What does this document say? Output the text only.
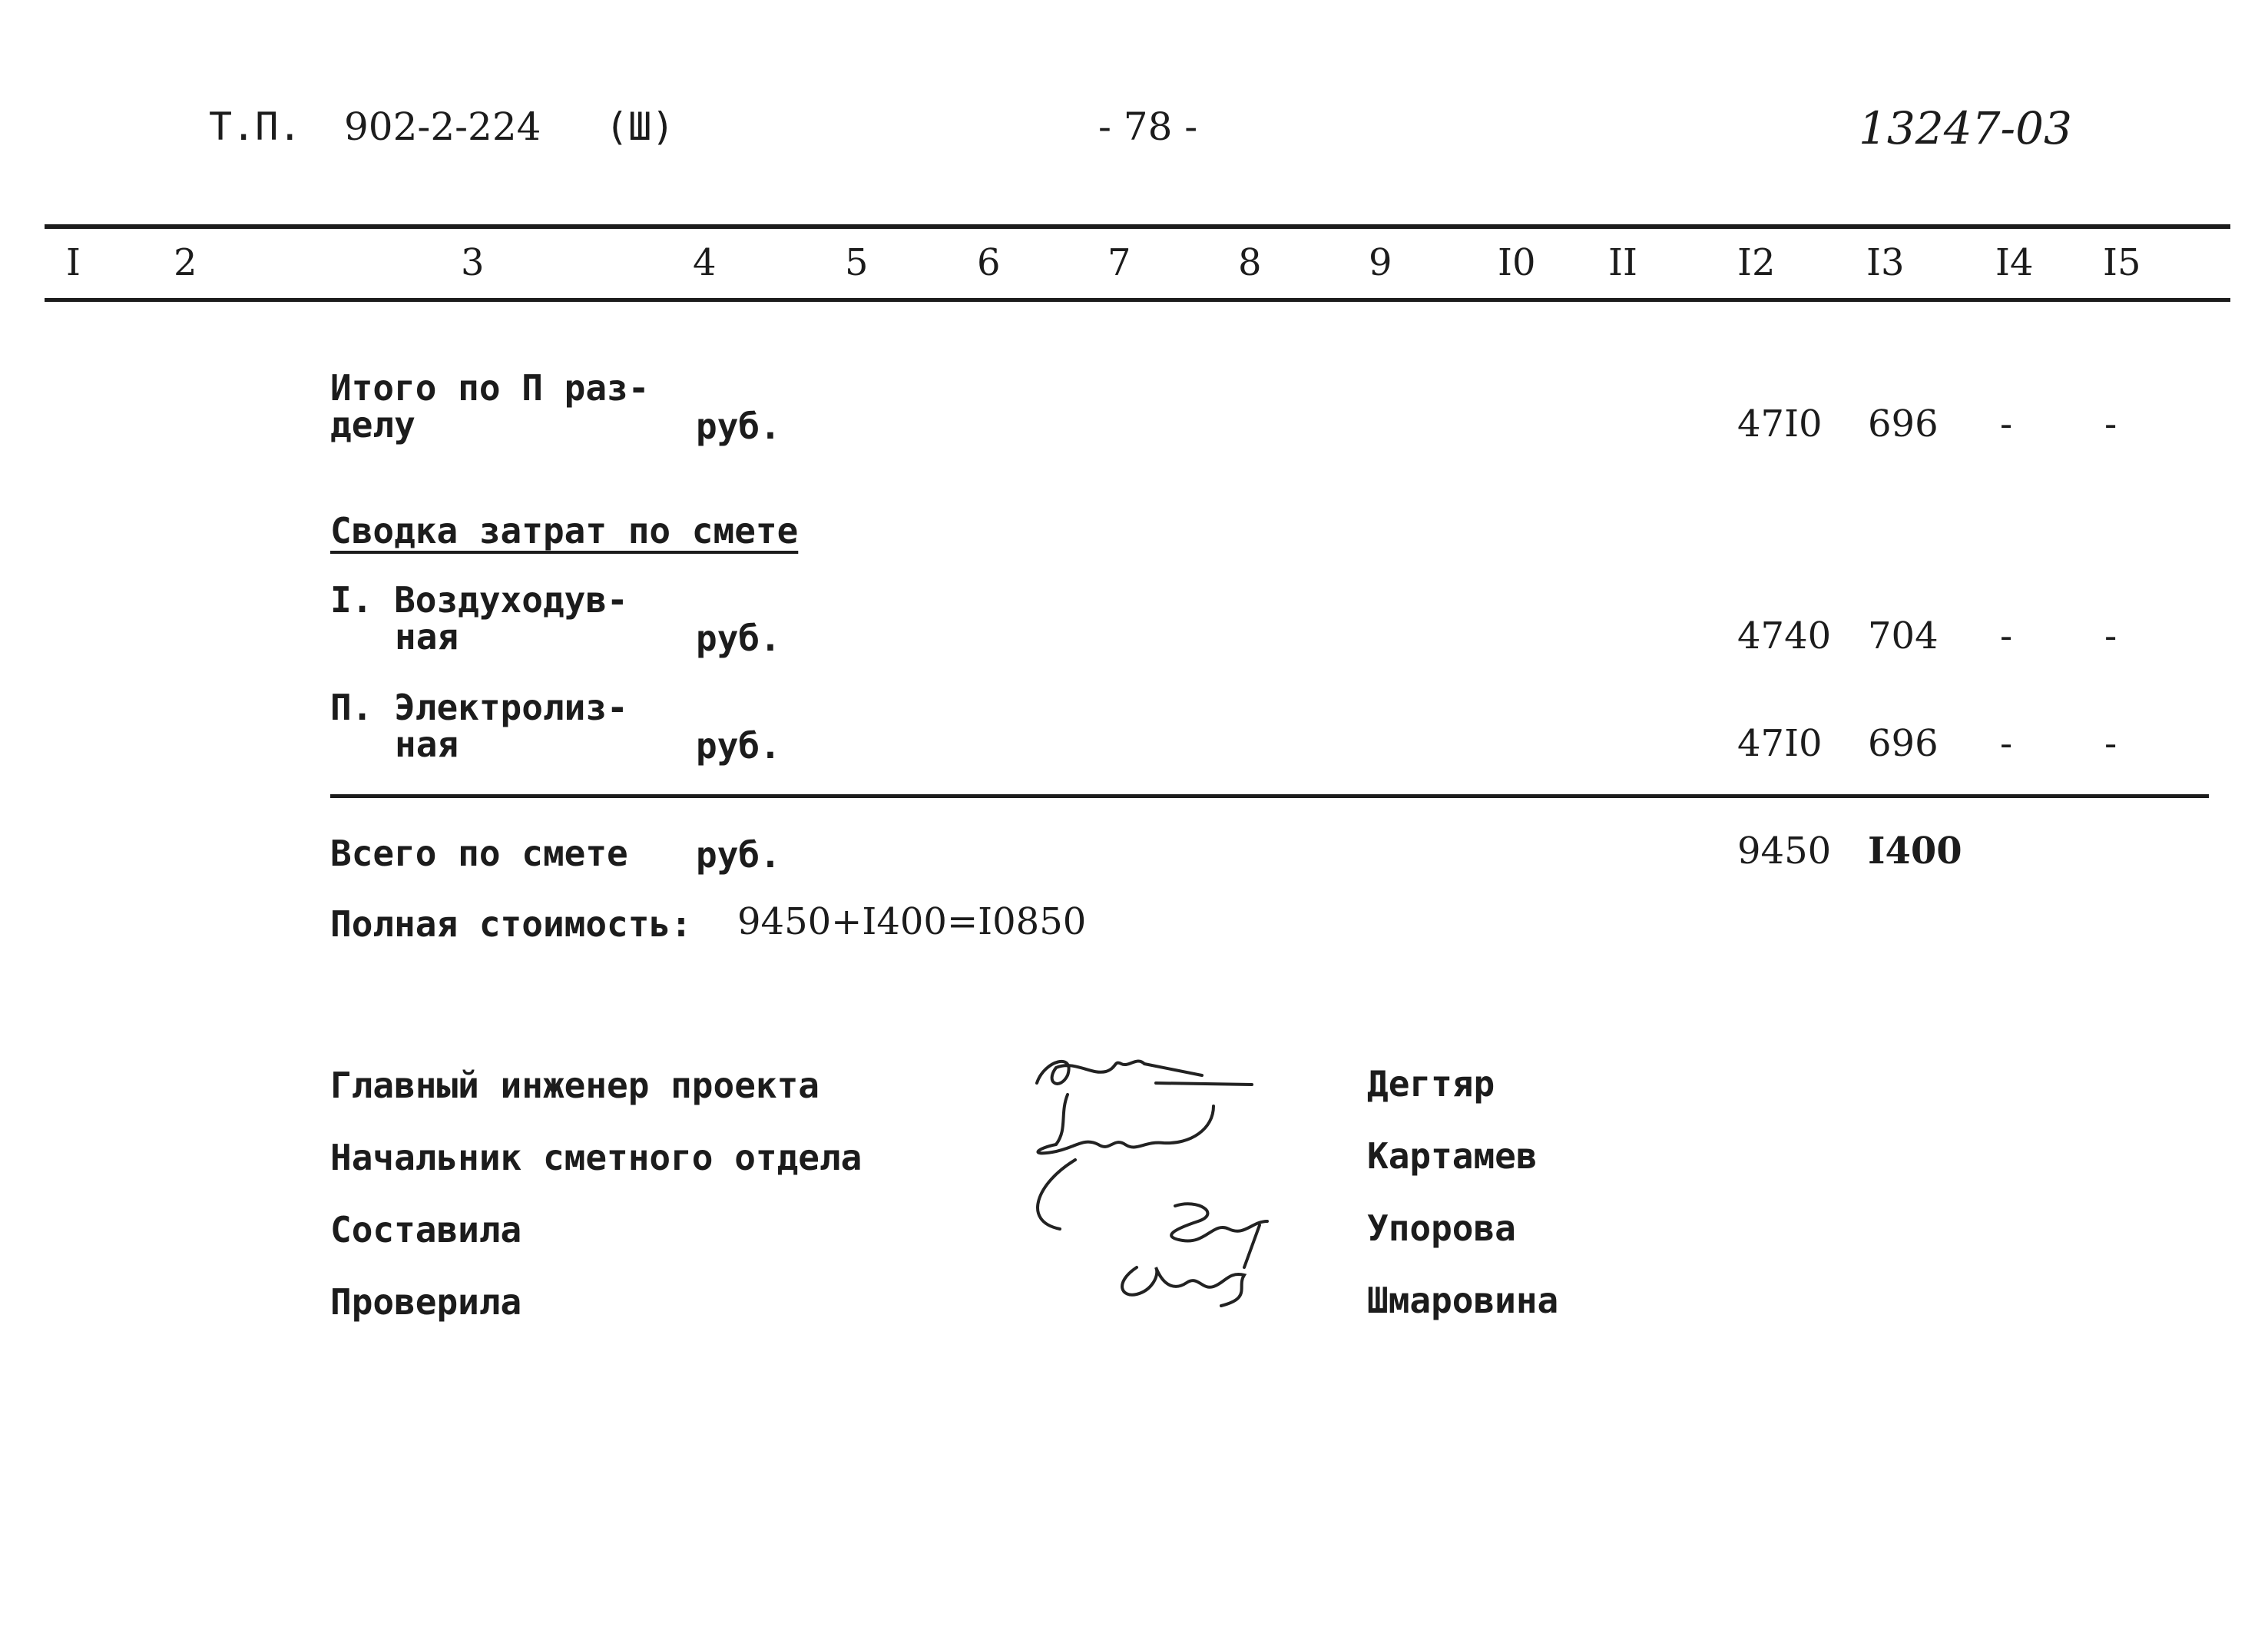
Т.П. 902-2-224 (Ш)	- 78 -	13247-03
I	2	3	4	5	6	7	8	9	I0 II	I2 I3 I4 I5
Итого по П раз-
делу	руб.	47I0 696 - -
Сводка затрат по смете
I. Воздуходув-
ная	руб.	4740 704 - -
П. Электролиз-
ная	руб.	47I0 696 - -
Всего по смете руб.	9450 I400
Полная стоимость: 9450+I400=I0850
Главный инженер проекта
Начальник сметного отдела
Составила
Проверила
Дегтяр
Картамев
Упорова
Шмаровина
